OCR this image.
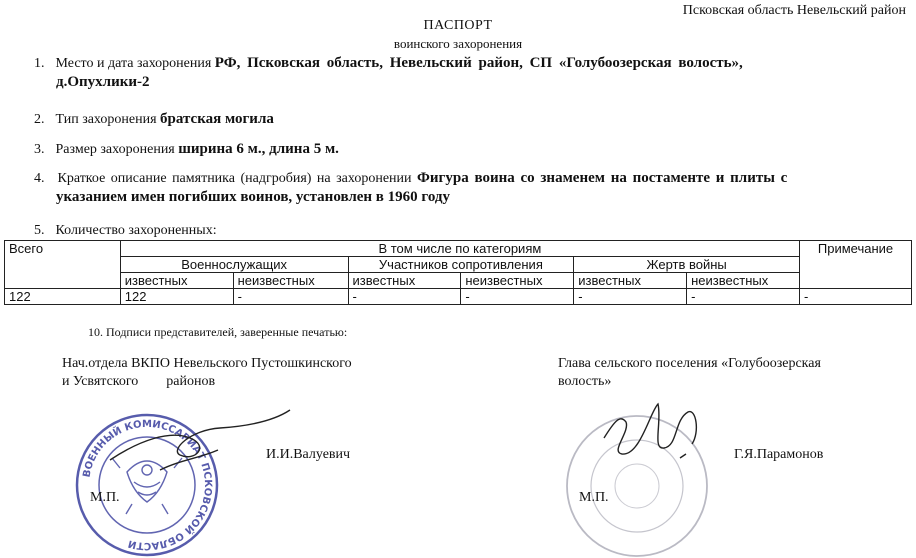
Псковская область Невельский район
ПАСПОРТ
воинского захоронения
1. Место и дата захоронения РФ, Псковская область, Невельский район, СП «Голубоозерская волость»,
д.Опухлики-2
2. Тип захоронения братская могила
3. Размер захоронения ширина 6 м., длина 5 м.
4. Краткое описание памятника (надгробия) на захоронении Фигура воина со знаменем на постаменте и плиты с
указанием имен погибших воинов, установлен в 1960 году
5. Количество захороненных:
Всего	В том числе по категориям						Примечание
	Военнослужащих		Участников сопротивления		Жертв войны		
	известных	неизвестных	известных	неизвестных	известных	неизвестных	
122	122	-	-	-	-	-	-
10. Подписи представителей, заверенные печатью:
Нач.отдела ВКПО Невельского Пустошкинского
и Усвятского        районов
Глава сельского поселения «Голубоозерская
волость»
ВОЕННЫЙ КОМИССАРИАТ ПСКОВСКОЙ ОБЛАСТИ
И.И.Валуевич
М.П.
Г.Я.Парамонов
М.П.
